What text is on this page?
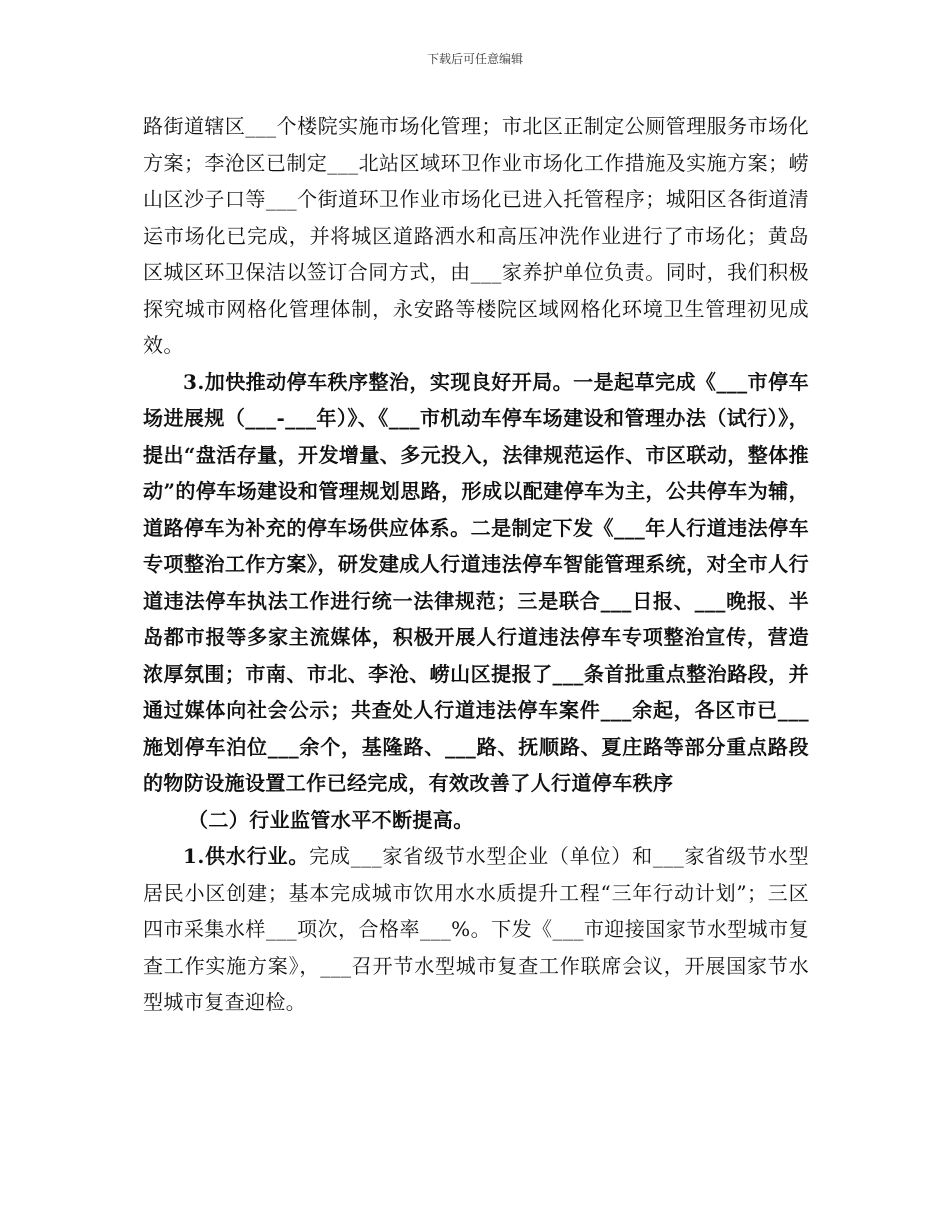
下载后可任意编辑

路街道辖区___个楼院实施市场化管理；市北区正制定公厕管理服务市场化方案；李沧区已制定___北站区域环卫作业市场化工作措施及实施方案；崂山区沙子口等___个街道环卫作业市场化已进入托管程序；城阳区各街道清运市场化已完成，并将城区道路洒水和高压冲洗作业进行了市场化；黄岛区城区环卫保洁以签订合同方式，由___家养护单位负责。同时，我们积极探究城市网格化管理体制，永安路等楼院区域网格化环境卫生管理初见成效。

3.加快推动停车秩序整治，实现良好开局。一是起草完成《___市停车场进展规（___-___年）》、《___市机动车停车场建设和管理办法（试行）》，提出“盘活存量，开发增量、多元投入，法律规范运作、市区联动，整体推动”的停车场建设和管理规划思路，形成以配建停车为主，公共停车为辅，道路停车为补充的停车场供应体系。二是制定下发《___年人行道违法停车专项整治工作方案》，研发建成人行道违法停车智能管理系统，对全市人行道违法停车执法工作进行统一法律规范；三是联合___日报、___晚报、半岛都市报等多家主流媒体，积极开展人行道违法停车专项整治宣传，营造浓厚氛围；市南、市北、李沧、崂山区提报了___条首批重点整治路段，并通过媒体向社会公示；共查处人行道违法停车案件___余起，各区市已___施划停车泊位___余个，基隆路、___路、抚顺路、夏庄路等部分重点路段的物防设施设置工作已经完成，有效改善了人行道停车秩序

（二）行业监管水平不断提高。

1.供水行业。完成___家省级节水型企业（单位）和___家省级节水型居民小区创建；基本完成城市饮用水水质提升工程“三年行动计划”；三区四市采集水样___项次，合格率___%。下发《___市迎接国家节水型城市复查工作实施方案》，___召开节水型城市复查工作联席会议，开展国家节水型城市复查迎检。
